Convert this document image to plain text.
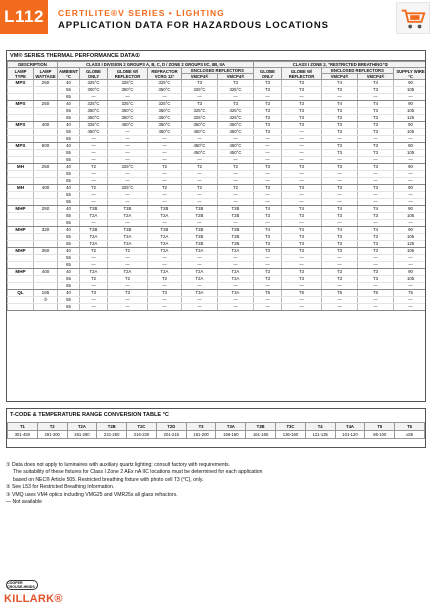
L112	CERTILITE®V SERIES • LIGHTING
APPLICATION DATA FOR HAZARDOUS LOCATIONS
VM® SERIES THERMAL PERFORMANCE DATA①
DESCRIPTION		CLASS I DIVISION 2 GROUPS A, B, C, D / ZONE 2 GROUPS IIC, IIB, IIA						CLASS I ZONE 2, “RESTRICTED BREATHING”②				
LAMP TYPE	LAMP WATTAGE	AMBIENT °C	GLOBE ONLY	GLOBE W/ REFLECTOR	REFRACTOR VCRG 12°	ENCLOSED REFLECTORS		GLOBE ONLY	GLOBE W/ REFLECTOR	ENCLOSED REFLECTORS		SUPPLY WIRE °C
						VMCP4®	VMCP4®			VMCP4®	VMCP4®	
MPS	250	40	325°C	325°C	325°C	T3	T3	T3	T3	T4	T4	90
		55	300°C	350°C	350°C	325°C	325°C	T3	T3	T3	T3	105
		65	—	—	—	—	—	—	—	—	—	—
MPS	250	40	325°C	325°C	325°C	T3	T3	T3	T3	T4	T4	90
		55	350°C	350°C	350°C	325°C	325°C	T3	T3	T3	T3	105
		65	350°C	350°C	350°C	325°C	325°C	T3	T3	T3	T3	125
MPS	400	40	325°C	450°C	350°C	350°C	350°C	T3	T3	T3	T3	90
		55	450°C	—	450°C	450°C	450°C	T3	—	T3	T3	105
		65	—	—	—	—	—	—	—	—	—	—
MPS	600	40	—	—	—	450°C	450°C	—	—	T3	T3	90
		55	—	—	—	450°C	450°C	—	—	T3	T3	105
		65	—	—	—	—	—	—	—	—	—	—
MH	250	40	T2	325°C	T2	T2	T2	T3	T3	T3	T3	90
		55	—	—	—	—	—	—	—	—	—	—
		65	—	—	—	—	—	—	—	—	—	—
MH	400	40	T2	325°C	T2	T2	T2	T3	T3	T3	T3	90
		55	—	—	—	—	—	—	—	—	—	—
		65	—	—	—	—	—	—	—	—	—	—
MHP	250	40	T2B	T2B	T2B	T2B	T2B	T4	T4	T4	T4	90
		55	T2A	T2A	T2A	T2B	T2B	T3	T3	T3	T3	105
		65	—	—	—	—	—	—	—	—	—	—
MHP	320	40	T2B	T2B	T2B	T2B	T2B	T4	T4	T4	T4	90
		55	T2A	T2A	T2A	T2B	T2B	T3	T3	T3	T3	105
		65	T2A	T2A	T2A	T2B	T2B	T3	T3	T3	T3	125
MHP	350	40	T2	T2	T2A	T2A	T2A	T3	T3	T3	T3	105
		55	—	—	—	—	—	—	—	—	—	—
		65	—	—	—	—	—	—	—	—	—	—
MHP	400	40	T2A	T2A	T2A	T2A	T2A	T3	T3	T3	T3	90
		55	T2	T2	T2	T2A	T2A	T3	T3	T3	T3	105
		65	—	—	—	—	—	—	—	—	—	—
QL	165	40	T3	T3	T3	T3A	T3A	T6	T5	T6	T6	75
	③	55	—	—	—	—	—	—	—	—	—	—
		65	—	—	—	—	—	—	—	—	—	—
T-CODE & TEMPERATURE RANGE CONVERSION TABLE °C
T1	T2	T2A	T2B	T2C	T2D	T3	T3A	T3B	T3C	T4	T4A	T5	T6
301-450	281-300	261-280	231-260	216-230	201-215	181-200	166-180	161-165	136-160	121-135	101-120	86-100	≤85

① Data does not apply to luminaires with auxiliary quartz lighting; consult factory with requirements.

The suitability of these fixtures for Class I Zone 2 AEx nA IIC locations must be determined for each application

based on NEC® Article 505. Restricted breathing fixture with photo cell T3 (°C), only.

② See L53 for Restricted Breathing Information.

③ VMQ uses VM4 optics including VMG25 and VMR25s all glass refractors.

— Not available

COOPER CROUSE-HINDS
KILLARK®
